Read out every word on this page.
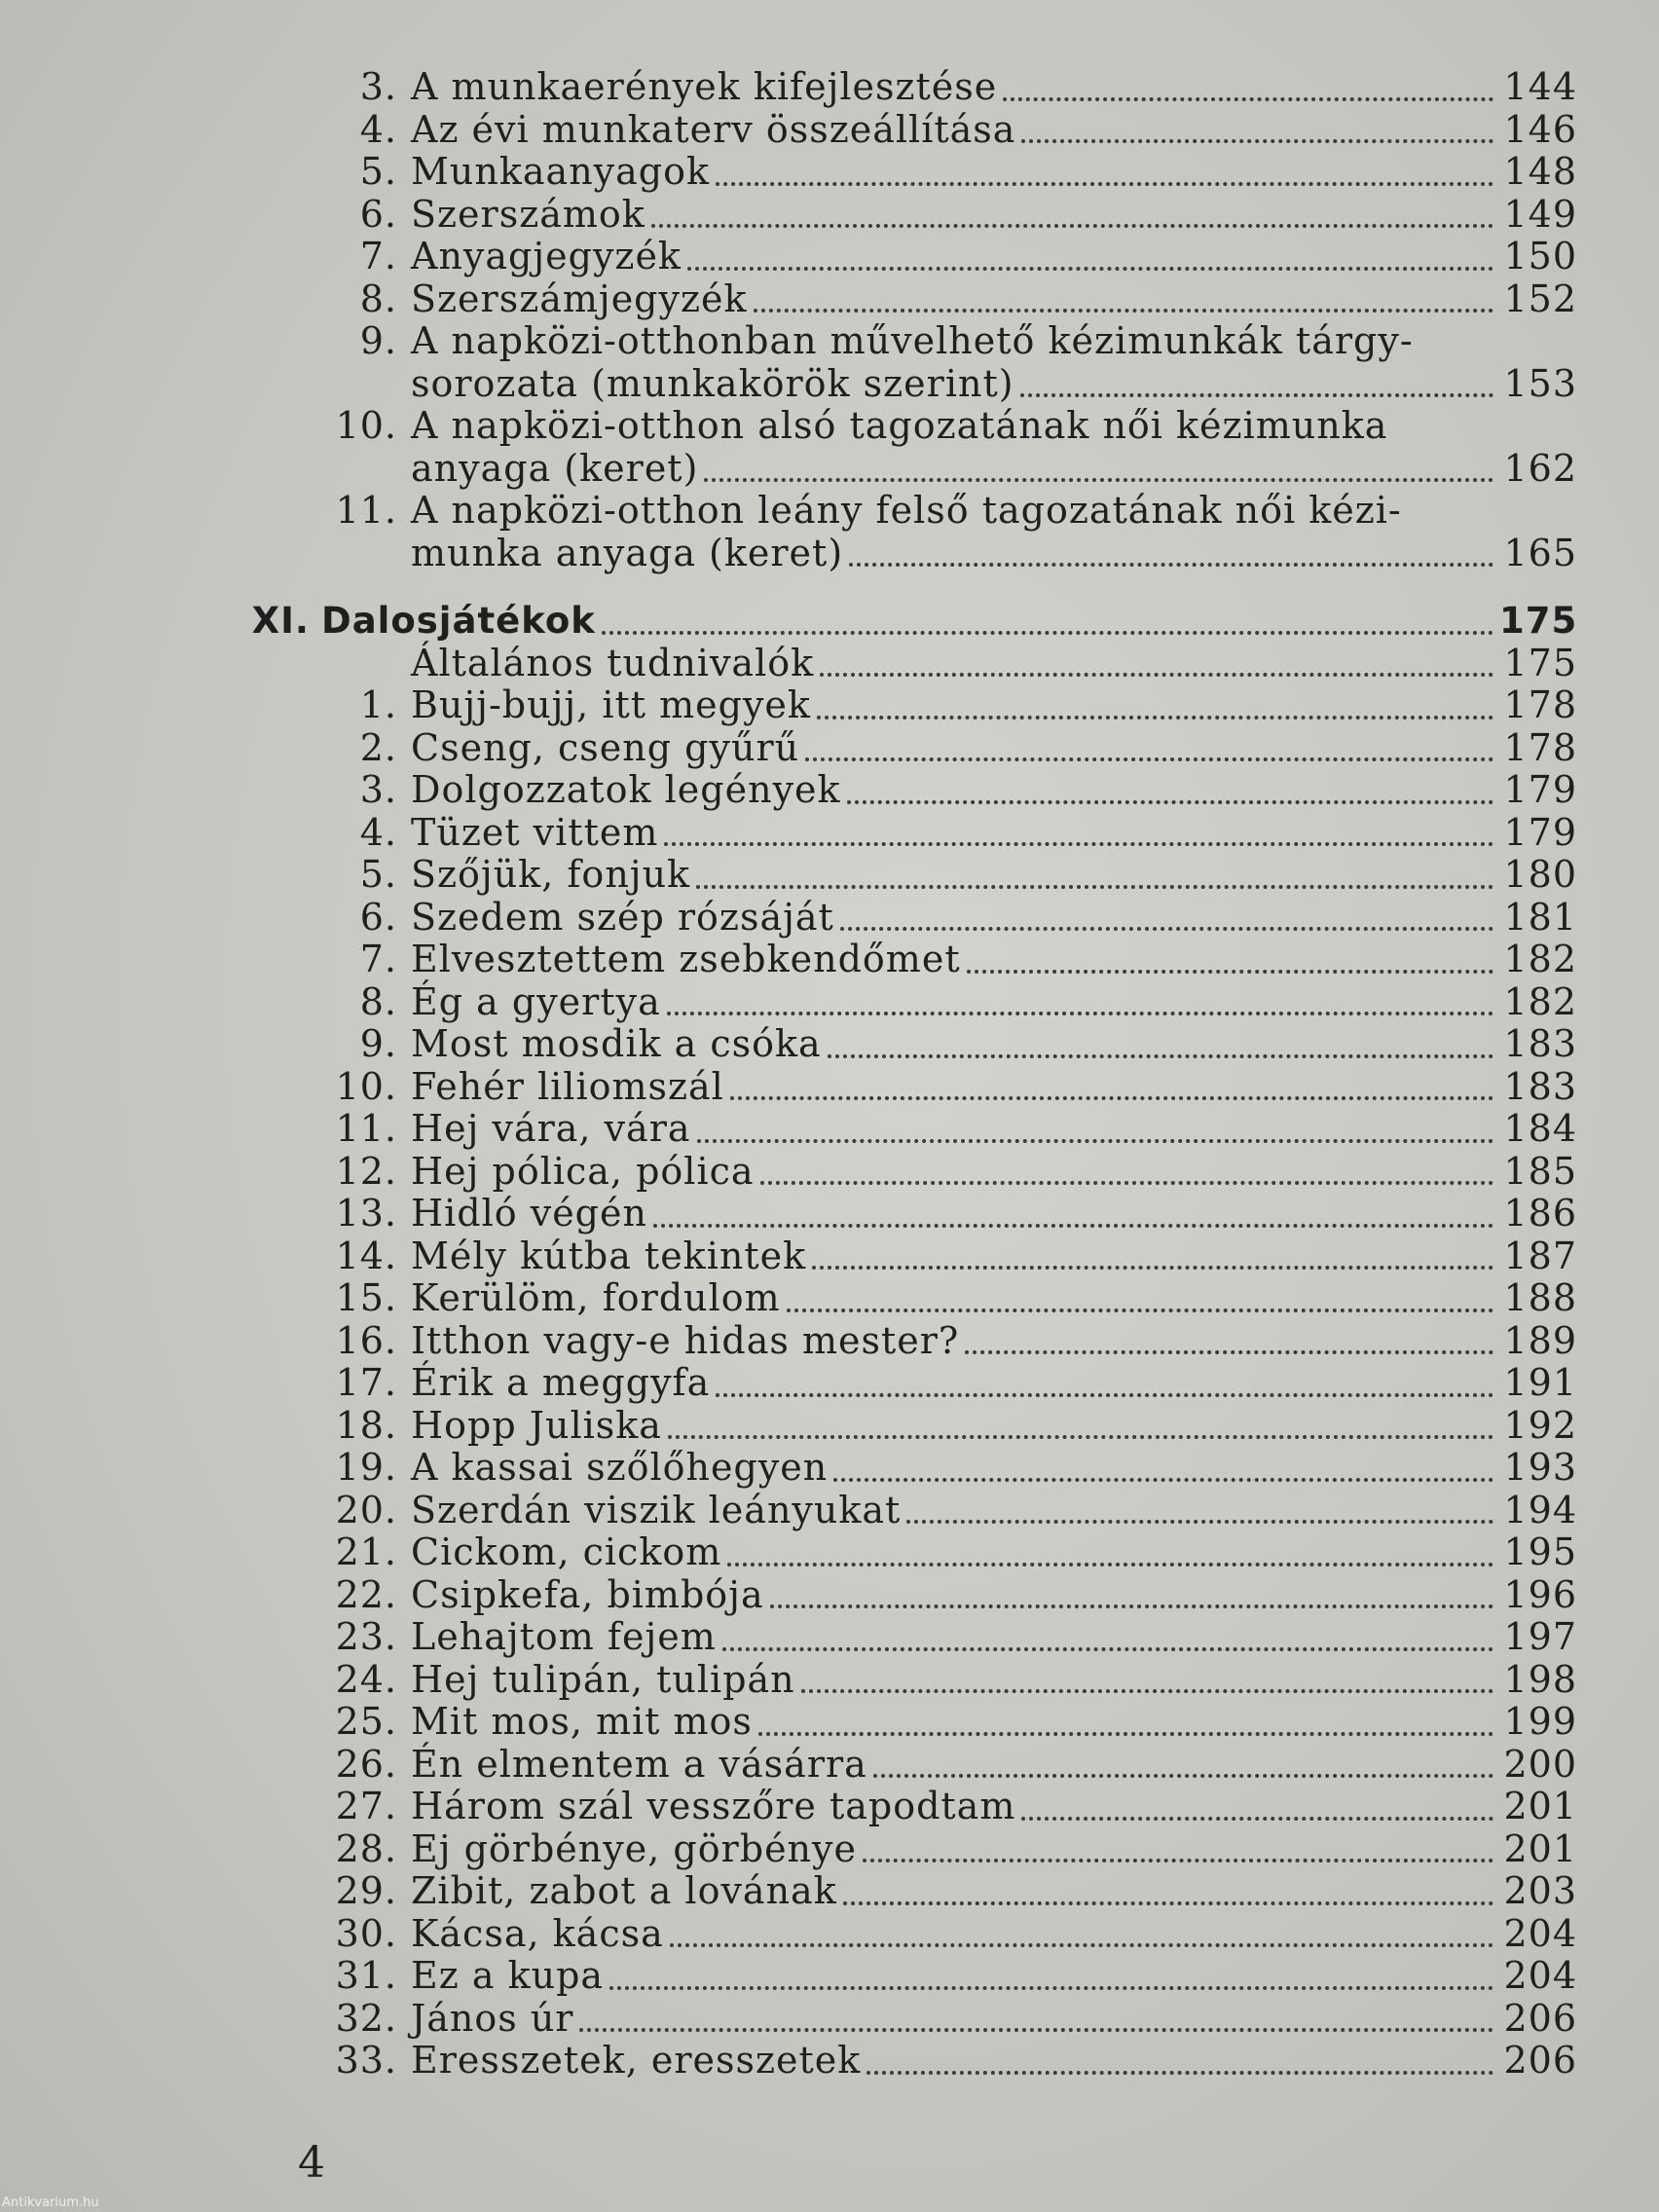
3. A munkaerények kifejlesztése	144
4. Az évi munkaterv összeállítása	146
5. Munkaanyagok	148
6. Szerszámok	149
7. Anyagjegyzék	150
8. Szerszámjegyzék	152
9. A napközi-otthonban művelhető kézimunkák tárgy-
sorozata (munkakörök szerint)	153
10. A napközi-otthon alsó tagozatának női kézimunka
anyaga (keret)	162
11. A napközi-otthon leány felső tagozatának női kézi-
munka anyaga (keret)	165
XI. Dalosjátékok	175
Általános tudnivalók	175
1. Bujj-bujj, itt megyek	178
2. Cseng, cseng gyűrű	178
3. Dolgozzatok legények	179
4. Tüzet vittem	179
5. Szőjük, fonjuk	180
6. Szedem szép rózsáját	181
7. Elvesztettem zsebkendőmet	182
8. Ég a gyertya	182
9. Most mosdik a csóka	183
10. Fehér liliomszál	183
11. Hej vára, vára	184
12. Hej pólica, pólica	185
13. Hidló végén	186
14. Mély kútba tekintek	187
15. Kerülöm, fordulom	188
16. Itthon vagy-e hidas mester?	189
17. Érik a meggyfa	191
18. Hopp Juliska	192
19. A kassai szőlőhegyen	193
20. Szerdán viszik leányukat	194
21. Cickom, cickom	195
22. Csipkefa, bimbója	196
23. Lehajtom fejem	197
24. Hej tulipán, tulipán	198
25. Mit mos, mit mos	199
26. Én elmentem a vásárra	200
27. Három szál vesszőre tapodtam	201
28. Ej görbénye, görbénye	201
29. Zibit, zabot a lovának	203
30. Kácsa, kácsa	204
31. Ez a kupa	204
32. János úr	206
33. Eresszetek, eresszetek	206
4
Antikvarium.hu
